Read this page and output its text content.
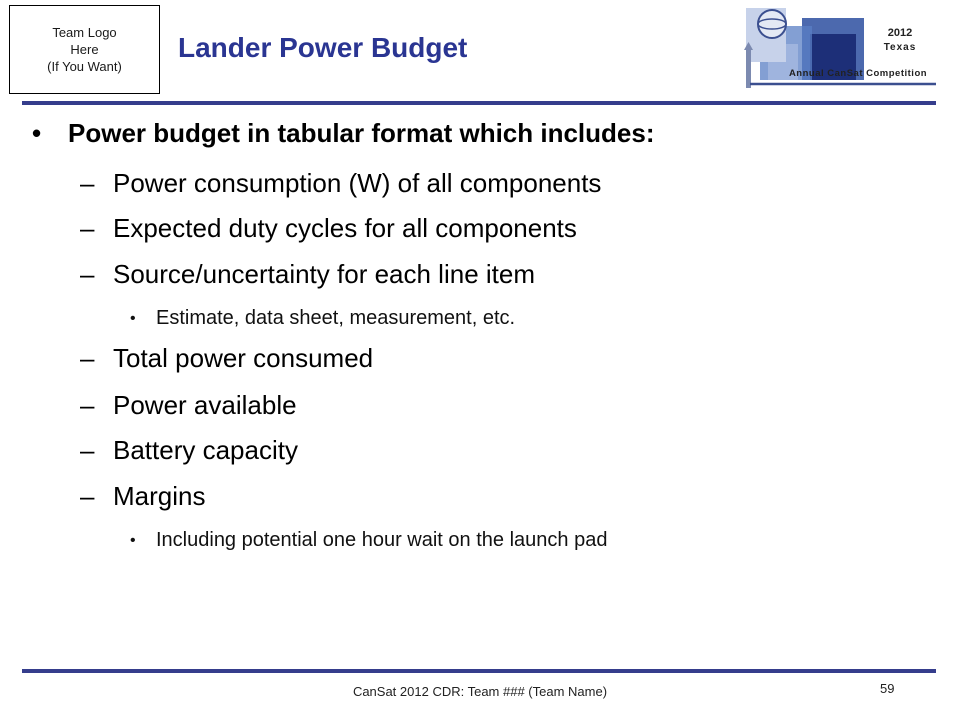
Team Logo
Here
(If You Want)
Lander Power Budget	2012
Texas
Annual CanSat Competition
• Power budget in tabular format which includes:
– Power consumption (W) of all components
– Expected duty cycles for all components
– Source/uncertainty for each line item
• Estimate, data sheet, measurement, etc.
– Total power consumed
– Power available
– Battery capacity
– Margins
• Including potential one hour wait on the launch pad
CanSat 2012 CDR: Team ### (Team Name)	59
